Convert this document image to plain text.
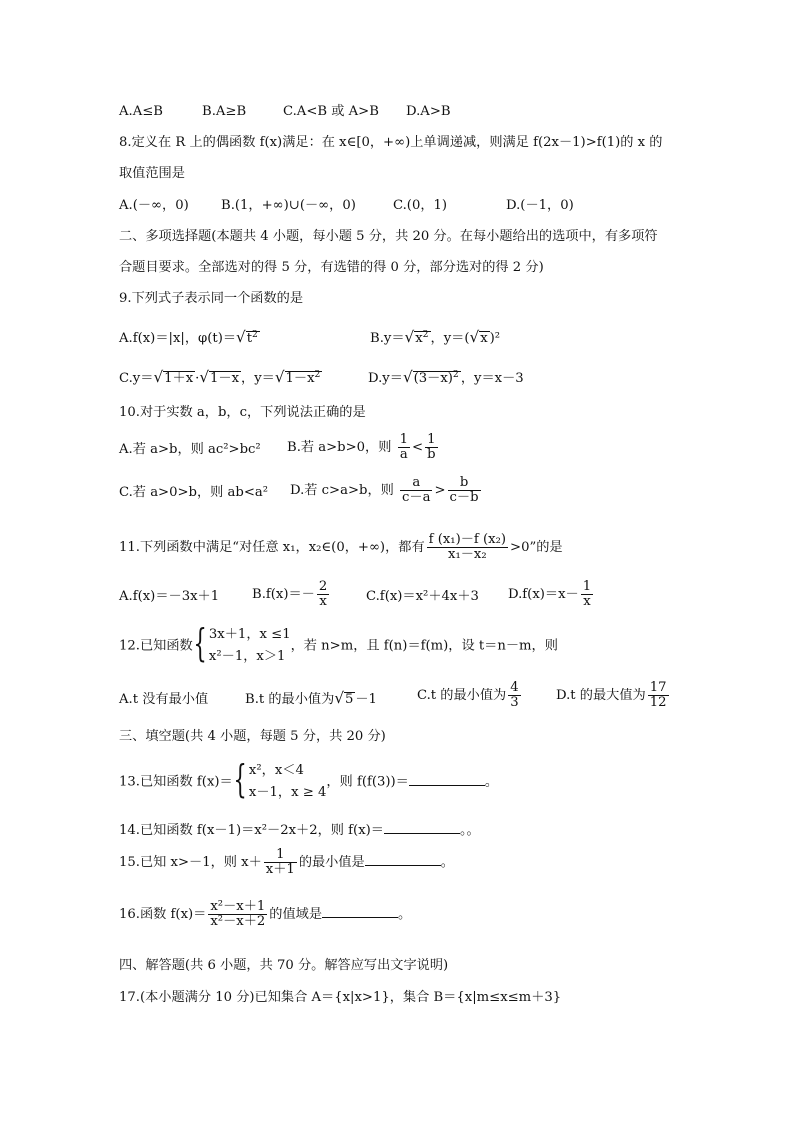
A.A≤B	B.A≥B	C.A<B 或 A>B D.A>B
8.定义在 R 上的偶函数 f(x)满足：在 x∈[0，+∞)上单调递减，则满足 f(2x－1)>f(1)的 x 的
取值范围是
A.(－∞，0) B.(1，+∞)∪(－∞，0)	C.(0，1)	D.(－1，0)
二、多项选择题(本题共 4 小题，每小题 5 分，共 20 分。在每小题给出的选项中，有多项符
合题目要求。全部选对的得 5 分，有选错的得 0 分，部分选对的得 2 分)
9.下列式子表示同一个函数的是
A.f(x)＝|x|，$\varphi(t)=√t^2$	$B.y=√x^2$ ，y＝(√x )²
C.y＝√1＋x ·√1－x ，$y=√1-x^2$	$D.y=√(3-x)^2$ ，y＝x－3
10.对于实数 a，b，c，下列说法正确的是
A.若 a>b，则 ac²>bc² B.若 a>b>0，则 $\frac{1}{a} < \frac{1}{b}$
C.若 a>0>b，则 ab<a² D.若 c>a>b，则 $\frac{a}{c-a} > \frac{b}{c-b}$
11.下列函数中满足“对任意 x₁，x₂∈(0，+∞)，都有 $\frac{\text{f (x₁)－f (x₂)}}{\text{x₁－x₂}} >0$”的是
A.f(x)＝－3x＋1 $B.f(x)=- \frac{2}{x}$	C.f(x)＝x²＋4x＋3 $D.f(x)=x- \frac{1}{x}$
12.已知函数{ 3x＋1，x ≤1
x²－1，x＞1
，若 n>m，且 f(n)＝f(m)，设 t＝n－m，则
A.t 没有最小值	B.t 的最小值为√5 －1	C.t 的最小值为 $\frac{4}{3}$	D.t 的最大值为 $\frac{17}{12}$
三、填空题(共 4 小题，每题 5 分，共 20 分)
13.已知函数 f(x)＝{ x²，x＜4
x－1，x ≥ 4
，则 f(f(3))＝	。
14.已知函数 f(x－1)＝x²－2x＋2，则 f(x)＝	。。
15.已知 x>－1，则 $x+ \frac{1}{x+1}$ 的最小值是	。
16.函数 $f(x)= \frac{\text{x²－x＋1}}{\text{x²－x＋2}}$ 的值域是	。
四、解答题(共 6 小题，共 70 分。解答应写出文字说明)
17.(本小题满分 10 分)已知集合 A＝{x|x>1}，集合 B＝{x|m≤x≤m＋3}
